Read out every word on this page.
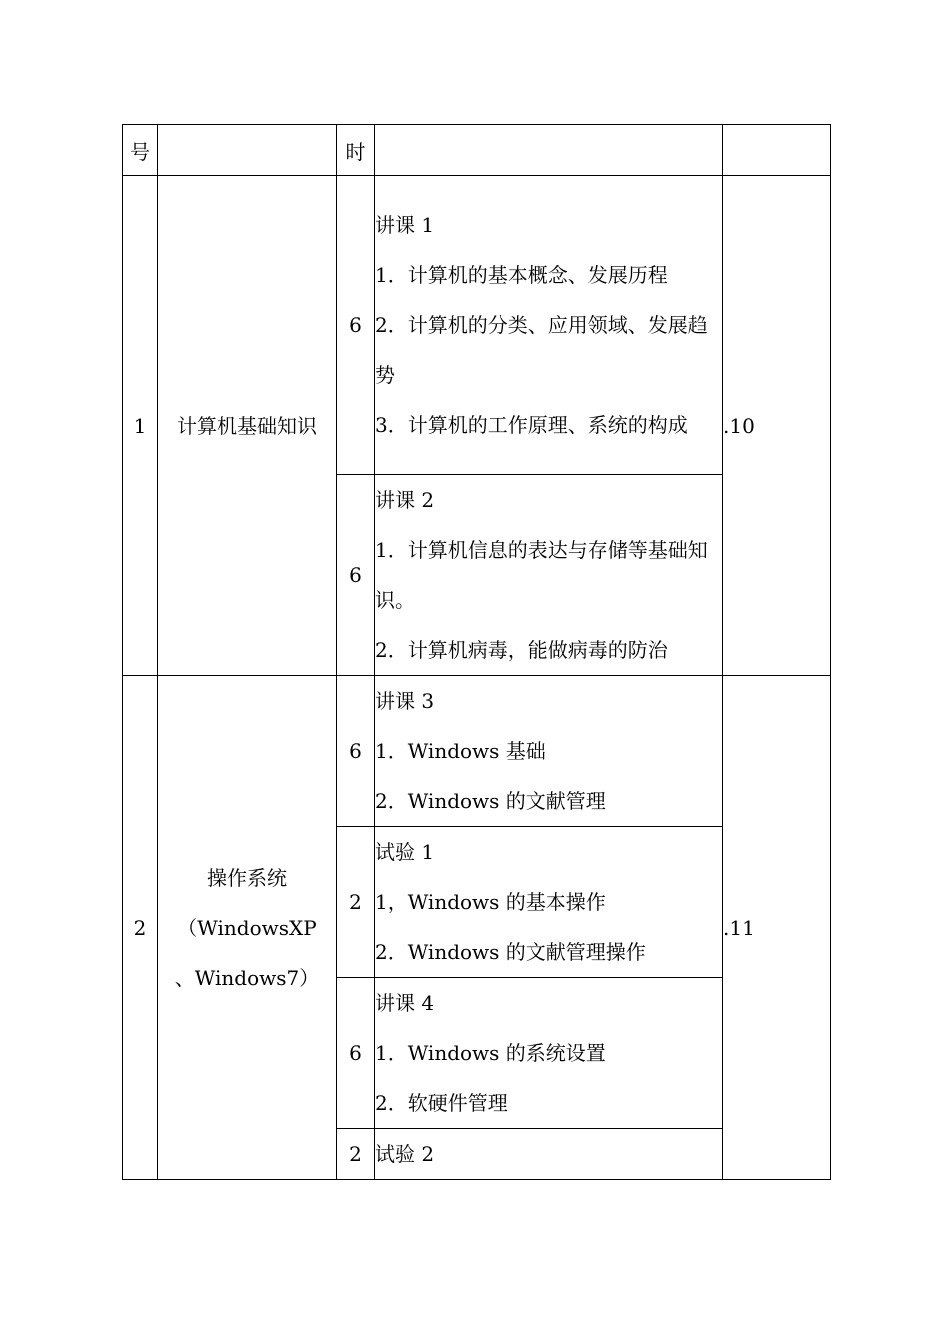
号		时		
1	计算机基础知识	6	讲课 1
1．计算机的基本概念、发展历程
2．计算机的分类、应用领域、发展趋势
3．计算机的工作原理、系统的构成	.10
		6	讲课 2
1．计算机信息的表达与存储等基础知识。
2．计算机病毒，能做病毒的防治	

2	操作系统
（WindowsXP
、Windows7）	6	讲课 3
1．Windows 基础
2．Windows 的文献管理	.11
		2	试验 1
1，Windows 的基本操作
2．Windows 的文献管理操作	

		6	讲课 4
1．Windows 的系统设置
2．软硬件管理	

		2	试验 2	
